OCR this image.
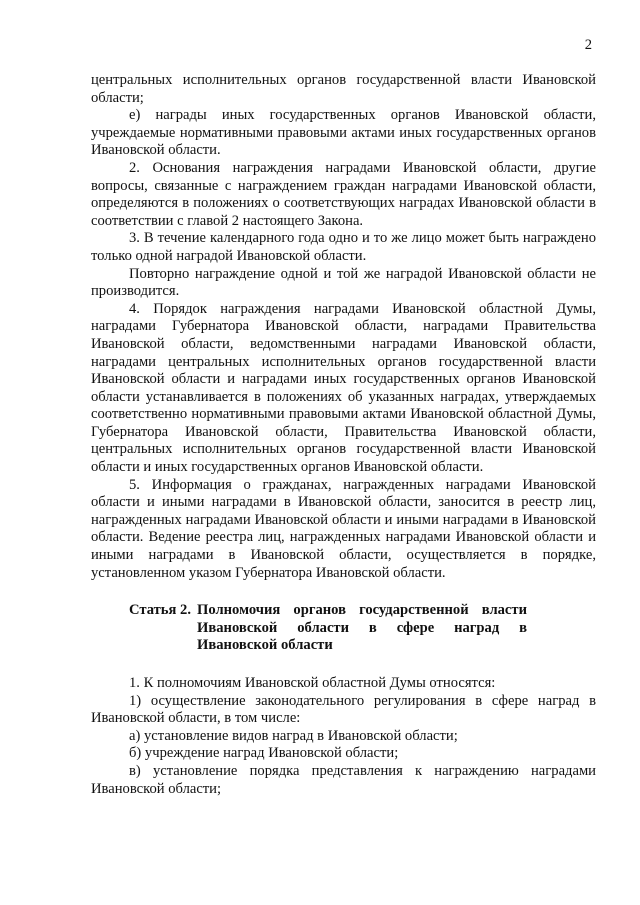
2

центральных исполнительных органов государственной власти Ивановской области;

е) награды иных государственных органов Ивановской области, учреждаемые нормативными правовыми актами иных государственных органов Ивановской области.

2. Основания награждения наградами Ивановской области, другие вопросы, связанные с награждением граждан наградами Ивановской области, определяются в положениях о соответствующих наградах Ивановской области в соответствии с главой 2 настоящего Закона.

3. В течение календарного года одно и то же лицо может быть награждено только одной наградой Ивановской области.

Повторно награждение одной и той же наградой Ивановской области не производится.

4. Порядок награждения наградами Ивановской областной Думы, наградами Губернатора Ивановской области, наградами Правительства Ивановской области, ведомственными наградами Ивановской области, наградами центральных исполнительных органов государственной власти Ивановской области и наградами иных государственных органов Ивановской области устанавливается в положениях об указанных наградах, утверждаемых соответственно нормативными правовыми актами Ивановской областной Думы, Губернатора Ивановской области, Правительства Ивановской области, центральных исполнительных органов государственной власти Ивановской области и иных государственных органов Ивановской области.

5. Информация о гражданах, награжденных наградами Ивановской области и иными наградами в Ивановской области, заносится в реестр лиц, награжденных наградами Ивановской области и иными наградами в Ивановской области. Ведение реестра лиц, награжденных наградами Ивановской области и иными наградами в Ивановской области, осуществляется в порядке, установленном указом Губернатора Ивановской области.

Статья 2. Полномочия органов государственной власти Ивановской области в сфере наград в Ивановской области

1. К полномочиям Ивановской областной Думы относятся:

1) осуществление законодательного регулирования в сфере наград в Ивановской области, в том числе:

а) установление видов наград в Ивановской области;

б) учреждение наград Ивановской области;

в) установление порядка представления к награждению наградами Ивановской области;
